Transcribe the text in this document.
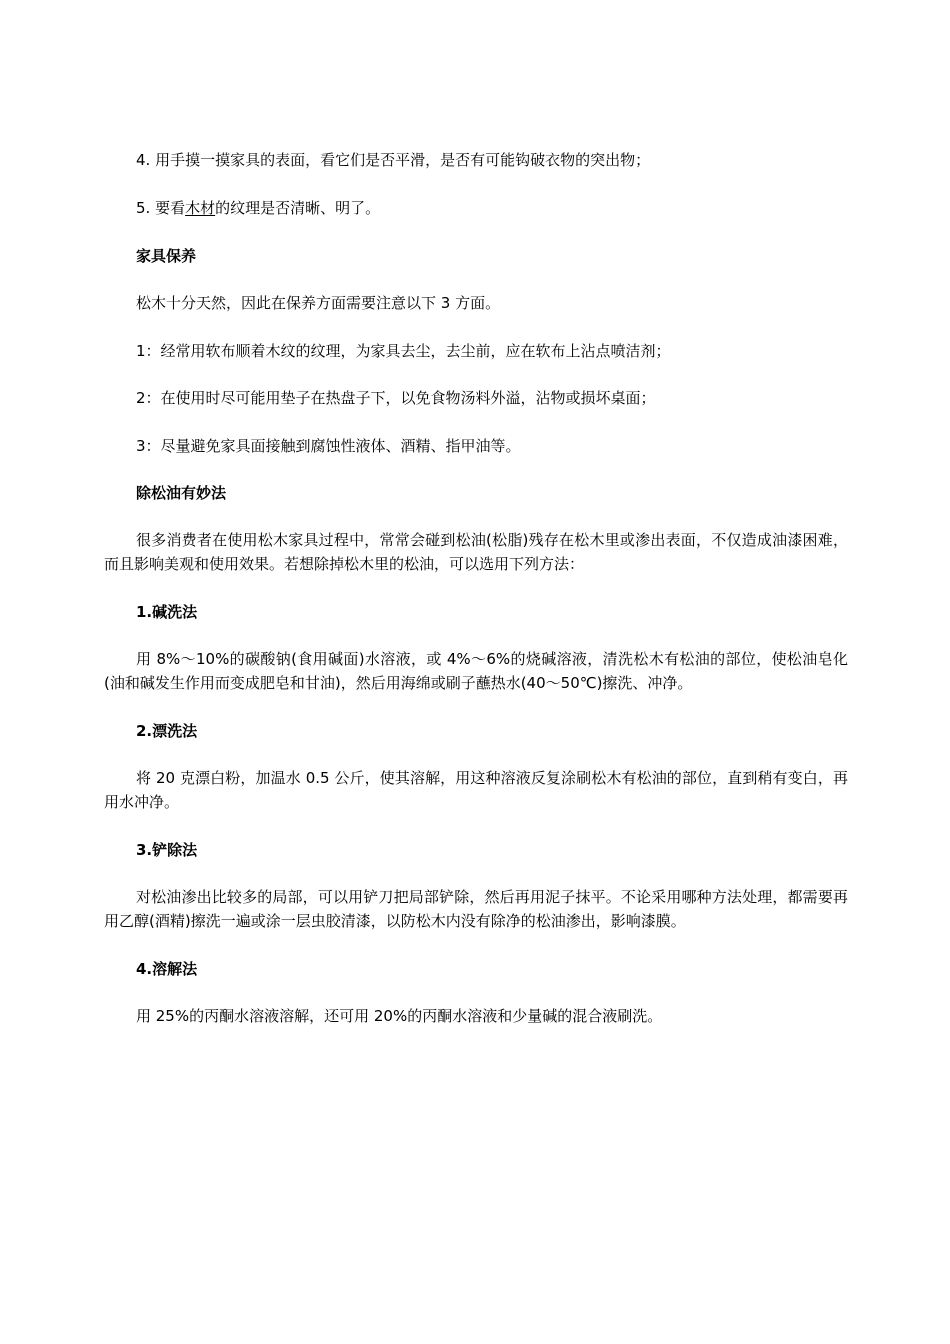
4. 用手摸一摸家具的表面，看它们是否平滑，是否有可能钩破衣物的突出物；

5. 要看木材的纹理是否清晰、明了。

家具保养

松木十分天然，因此在保养方面需要注意以下 3 方面。

1：经常用软布顺着木纹的纹理，为家具去尘，去尘前，应在软布上沾点喷洁剂；

2：在使用时尽可能用垫子在热盘子下，以免食物汤料外溢，沾物或损坏桌面；

3：尽量避免家具面接触到腐蚀性液体、酒精、指甲油等。

除松油有妙法

很多消费者在使用松木家具过程中，常常会碰到松油(松脂)残存在松木里或渗出表面，不仅造成油漆困难，而且影响美观和使用效果。若想除掉松木里的松油，可以选用下列方法：

1.碱洗法

用 8%～10%的碳酸钠(食用碱面)水溶液，或 4%～6%的烧碱溶液，清洗松木有松油的部位，使松油皂化(油和碱发生作用而变成肥皂和甘油)，然后用海绵或刷子蘸热水(40～50℃)擦洗、冲净。

2.漂洗法

将 20 克漂白粉，加温水 0.5 公斤，使其溶解，用这种溶液反复涂刷松木有松油的部位，直到稍有变白，再用水冲净。

3.铲除法

对松油渗出比较多的局部，可以用铲刀把局部铲除，然后再用泥子抹平。不论采用哪种方法处理，都需要再用乙醇(酒精)擦洗一遍或涂一层虫胶清漆，以防松木内没有除净的松油渗出，影响漆膜。

4.溶解法

用 25%的丙酮水溶液溶解，还可用 20%的丙酮水溶液和少量碱的混合液刷洗。
